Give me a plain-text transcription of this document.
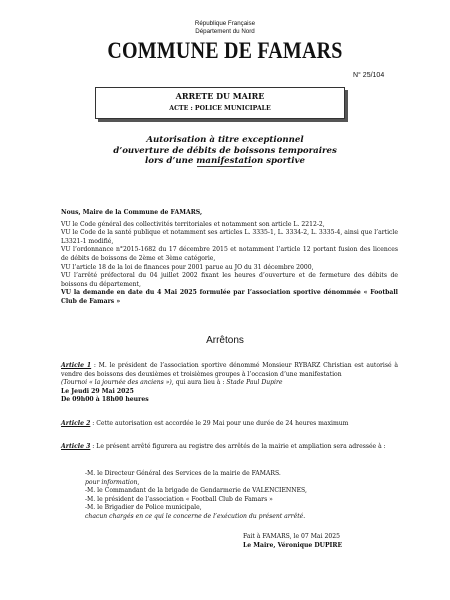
République Française
Département du Nord
COMMUNE DE FAMARS
N° 25/104
ARRETE DU MAIRE
ACTE : POLICE MUNICIPALE
Autorisation à titre exceptionnel
d’ouverture de débits de boissons temporaires
lors d’une manifestation sportive

Nous, Maire de la Commune de FAMARS,

VU le Code général des collectivités territoriales et notamment son article L. 2212-2,

VU le Code de la santé publique et notamment ses articles L. 3335-1, L. 3334-2, L. 3335-4, ainsi que l’article L3321-1 modifié,

VU l’ordonnance n°2015-1682 du 17 décembre 2015 et notamment l’article 12 portant fusion des licences de débits de boissons de 2ème et 3ème catégorie,

VU l’article 18 de la loi de finances pour 2001 parue au JO du 31 décembre 2000,

VU l’arrêté préfectoral du 04 juillet 2002 fixant les heures d’ouverture et de fermeture des débits de boissons du département,

VU la demande en date du 4 Mai 2025 formulée par l’association sportive dénommée « Football Club de Famars »

Arrêtons

Article 1 : M. le président de l’association sportive dénommé Monsieur RYBARZ Christian est autorisé à vendre des boissons des deuxièmes et troisièmes groupes à l’occasion d’une manifestation

(Tournoi « la journée des anciens »), qui aura lieu à : Stade Paul Dupire

Le Jeudi 29 Mai 2025

De 09h00 à 18h00 heures

Article 2 : Cette autorisation est accordée le 29 Mai pour une durée de 24 heures maximum

Article 3 : Le présent arrêté figurera au registre des arrêtés de la mairie et ampliation sera adressée à :

-M. le Directeur Général des Services de la mairie de FAMARS.

pour information,

-M. le Commandant de la brigade de Gendarmerie de VALENCIENNES,

-M. le président de l’association « Football Club de Famars »

-M. le Brigadier de Police municipale,

chacun chargés en ce qui le concerne de l’exécution du présent arrêté.

Fait à FAMARS, le 07 Mai 2025

Le Maire, Véronique DUPIRE
